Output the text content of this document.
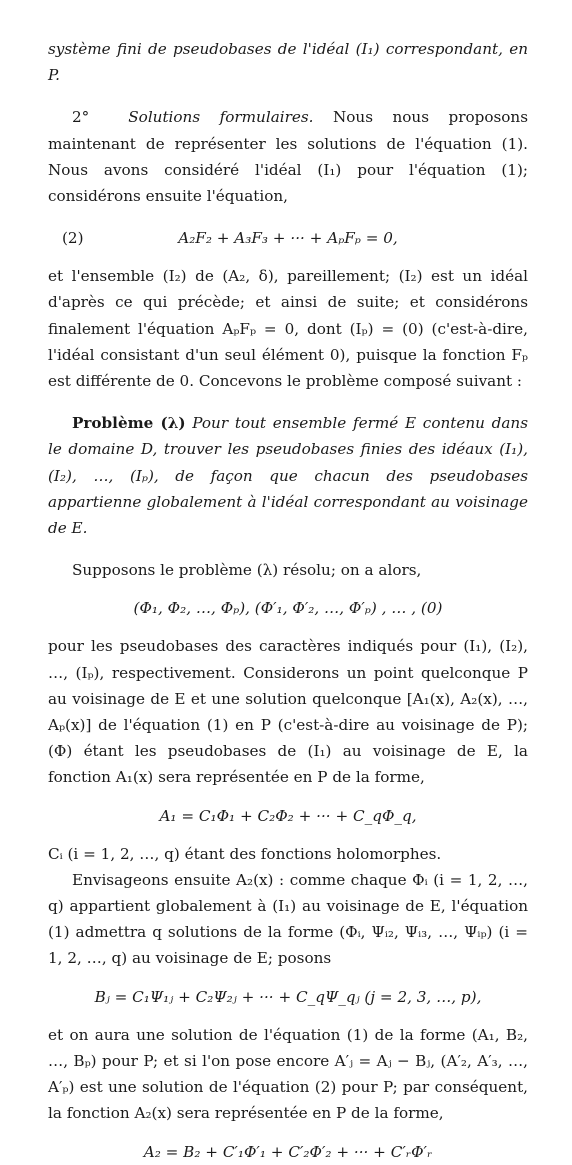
système fini de pseudobases de l'idéal (I₁) correspondant, en P.

2°	Solutions formulaires. Nous nous proposons maintenant de représenter les solutions de l'équation (1). Nous avons considéré l'idéal (I₁) pour l'équation (1); considérons ensuite l'équation,

(2)	A₂F₂ + A₃F₃ + ··· + AₚFₚ = 0,

et l'ensemble (I₂) de (A₂, δ), pareillement; (I₂) est un idéal d'après ce qui précède; et ainsi de suite; et considérons finalement l'équation AₚFₚ = 0, dont (Iₚ) = (0) (c'est-à-dire, l'idéal consistant d'un seul élément 0), puisque la fonction Fₚ est différente de 0. Concevons le problème composé suivant :

Problème (λ) Pour tout ensemble fermé E contenu dans le domaine D, trouver les pseudobases finies des idéaux (I₁), (I₂), …, (Iₚ), de façon que chacun des pseudobases appartienne globalement à l'idéal correspondant au voisinage de E.

Supposons le problème (λ) résolu; on a alors,

(Φ₁, Φ₂, …, Φₚ), (Φ′₁, Φ′₂, …, Φ′ₚ) , … , (0)

pour les pseudobases des caractères indiqués pour (I₁), (I₂), …, (Iₚ), respectivement. Considerons un point quelconque P au voisinage de E et une solution quelconque [A₁(x), A₂(x), …, Aₚ(x)] de l'équation (1) en P (c'est-à-dire au voisinage de P); (Φ) étant les pseudobases de (I₁) au voisinage de E, la fonction A₁(x) sera représentée en P de la forme,

A₁ = C₁Φ₁ + C₂Φ₂ + ··· + C_qΦ_q,

Cᵢ (i = 1, 2, …, q) étant des fonctions holomorphes.

Envisageons ensuite A₂(x) : comme chaque Φᵢ (i = 1, 2, …, q) appartient globalement à (I₁) au voisinage de E, l'équation (1) admettra q solutions de la forme (Φᵢ, Ψᵢ₂, Ψᵢ₃, …, Ψᵢₚ) (i = 1, 2, …, q) au voisinage de E; posons

Bⱼ = C₁Ψ₁ⱼ + C₂Ψ₂ⱼ + ··· + C_qΨ_qⱼ (j = 2, 3, …, p),

et on aura une solution de l'équation (1) de la forme (A₁, B₂, …, Bₚ) pour P; et si l'on pose encore A′ⱼ = Aⱼ − Bⱼ, (A′₂, A′₃, …, A′ₚ) est une solution de l'équation (2) pour P; par conséquent, la fonction A₂(x) sera représentée en P de la forme,

A₂ = B₂ + C′₁Φ′₁ + C′₂Φ′₂ + ··· + C′ᵣΦ′ᵣ
